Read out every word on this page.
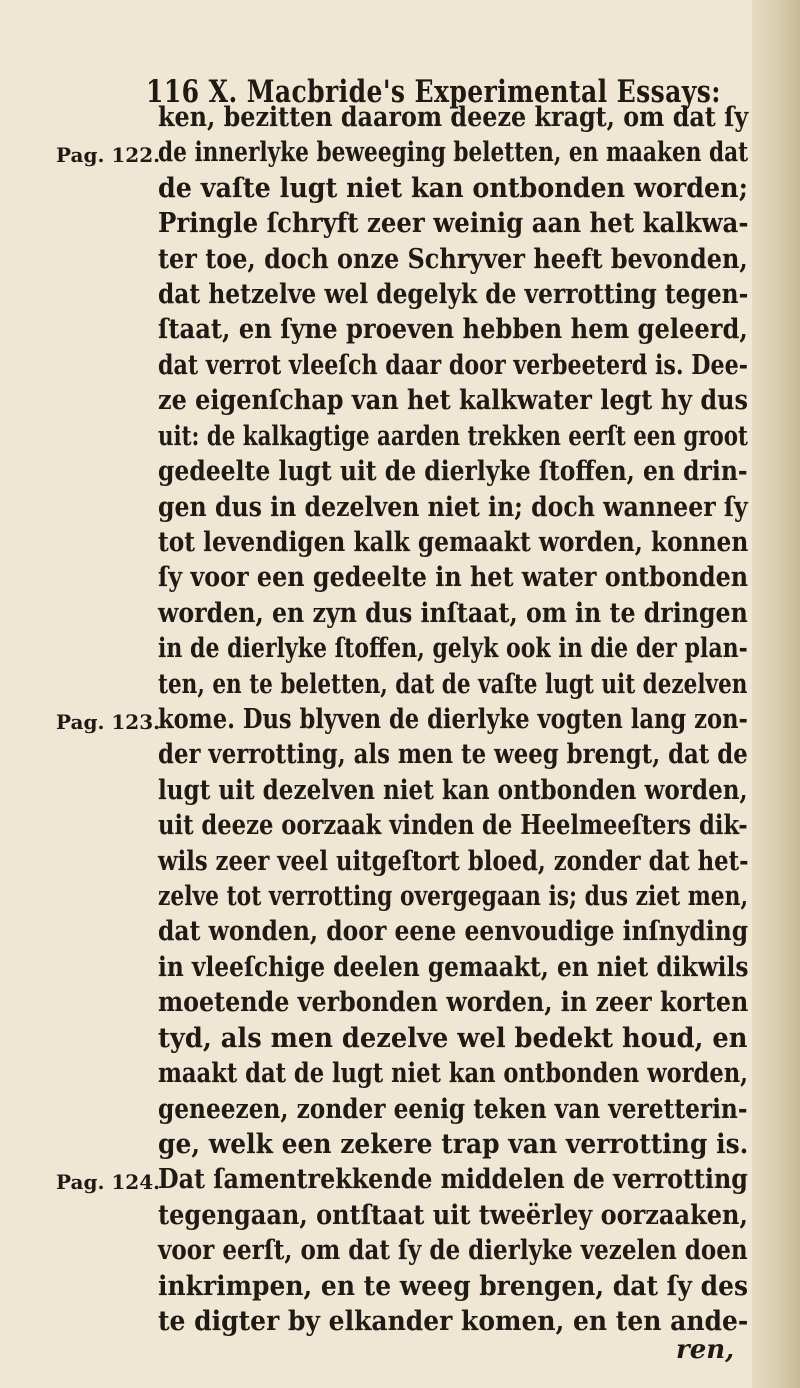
116 X. Macbride's Experimental Essays:
Pag. 122.
Pag. 123.
Pag. 124.
ken, bezitten daarom deeze kragt, om dat ſy
de innerlyke beweeging beletten, en maaken dat
de vaſte lugt niet kan ontbonden worden;
Pringle ſchryft zeer weinig aan het kalkwa-
ter toe, doch onze Schryver heeft bevonden,
dat hetzelve wel degelyk de verrotting tegen-
ſtaat, en ſyne proeven hebben hem geleerd,
dat verrot vleeſch daar door verbeeterd is. Dee-
ze eigenſchap van het kalkwater legt hy dus
uit: de kalkagtige aarden trekken eerſt een groot
gedeelte lugt uit de dierlyke ſtoffen, en drin-
gen dus in dezelven niet in; doch wanneer ſy
tot levendigen kalk gemaakt worden, konnen
ſy voor een gedeelte in het water ontbonden
worden, en zyn dus inſtaat, om in te dringen
in de dierlyke ſtoffen, gelyk ook in die der plan-
ten, en te beletten, dat de vaſte lugt uit dezelven
kome. Dus blyven de dierlyke vogten lang zon-
der verrotting, als men te weeg brengt, dat de
lugt uit dezelven niet kan ontbonden worden,
uit deeze oorzaak vinden de Heelmeeſters dik-
wils zeer veel uitgeſtort bloed, zonder dat het-
zelve tot verrotting overgegaan is; dus ziet men,
dat wonden, door eene eenvoudige inſnyding
in vleeſchige deelen gemaakt, en niet dikwils
moetende verbonden worden, in zeer korten
tyd, als men dezelve wel bedekt houd, en
maakt dat de lugt niet kan ontbonden worden,
geneezen, zonder eenig teken van veretterin-
ge, welk een zekere trap van verrotting is.
Dat ſamentrekkende middelen de verrotting
tegengaan, ontſtaat uit tweërley oorzaaken,
voor eerſt, om dat ſy de dierlyke vezelen doen
inkrimpen, en te weeg brengen, dat ſy des
te digter by elkander komen, en ten ande-
ren,
